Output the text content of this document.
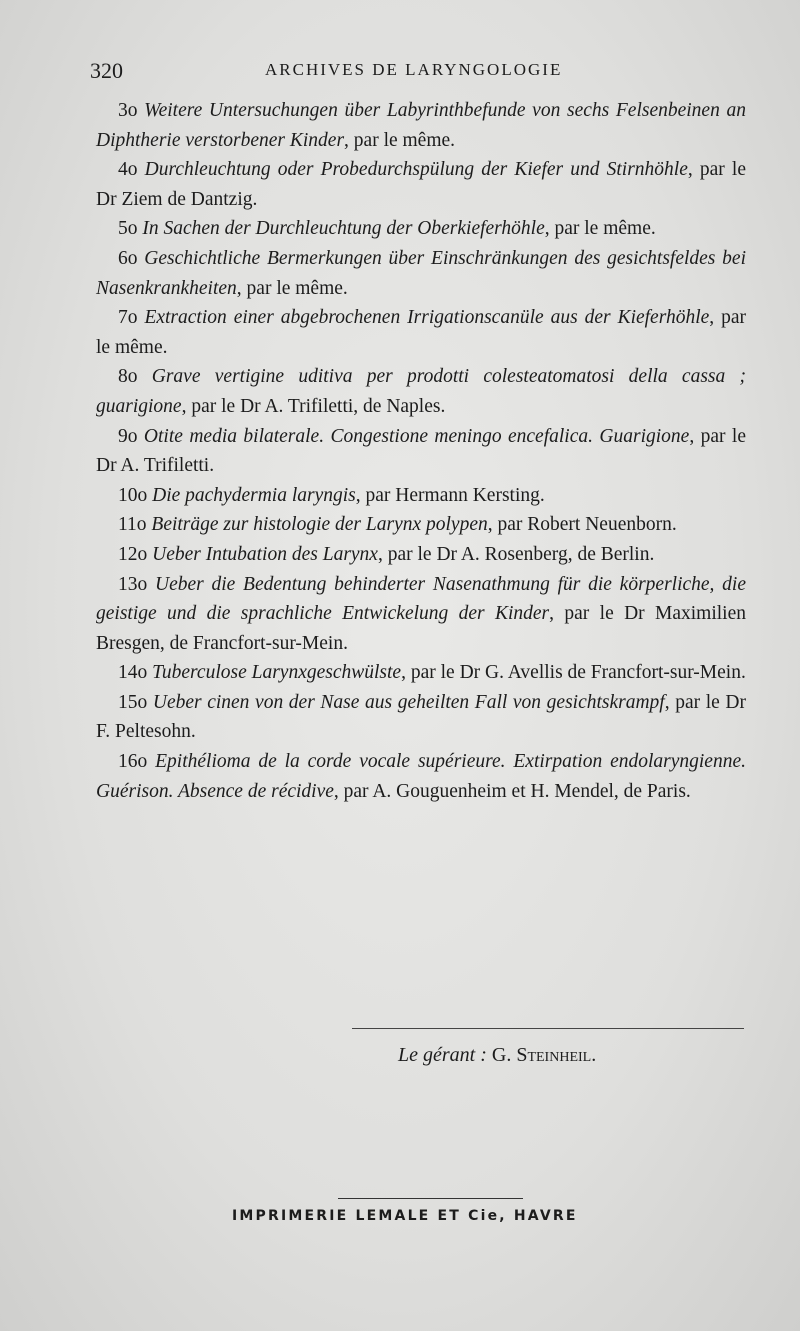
320	ARCHIVES DE LARYNGOLOGIE

3o Weitere Untersuchungen über Labyrinthbefunde von sechs Felsenbeinen an Diphtherie verstorbener Kinder, par le même.

4o Durchleuchtung oder Probedurchspülung der Kiefer und Stirnhöhle, par le Dr Ziem de Dantzig.

5o In Sachen der Durchleuchtung der Oberkieferhöhle, par le même.

6o Geschichtliche Bermerkungen über Einschränkungen des gesichtsfeldes bei Nasenkrankheiten, par le même.

7o Extraction einer abgebrochenen Irrigationscanüle aus der Kieferhöhle, par le même.

8o Grave vertigine uditiva per prodotti colesteatomatosi della cassa ; guarigione, par le Dr A. Trifiletti, de Naples.

9o Otite media bilaterale. Congestione meningo encefalica. Guarigione, par le Dr A. Trifiletti.

10o Die pachydermia laryngis, par Hermann Kersting.

11o Beiträge zur histologie der Larynx polypen, par Robert Neuenborn.

12o Ueber Intubation des Larynx, par le Dr A. Rosenberg, de Berlin.

13o Ueber die Bedentung behinderter Nasenathmung für die körperliche, die geistige und die sprachliche Entwickelung der Kinder, par le Dr Maximilien Bresgen, de Francfort-sur-Mein.

14o Tuberculose Larynxgeschwülste, par le Dr G. Avellis de Francfort-sur-Mein.

15o Ueber cinen von der Nase aus geheilten Fall von gesichtskrampf, par le Dr F. Peltesohn.

16o Epithélioma de la corde vocale supérieure. Extirpation endolaryngienne. Guérison. Absence de récidive, par A. Gouguenheim et H. Mendel, de Paris.

Le gérant : G. Steinheil.
IMPRIMERIE LEMALE ET Cie, HAVRE
